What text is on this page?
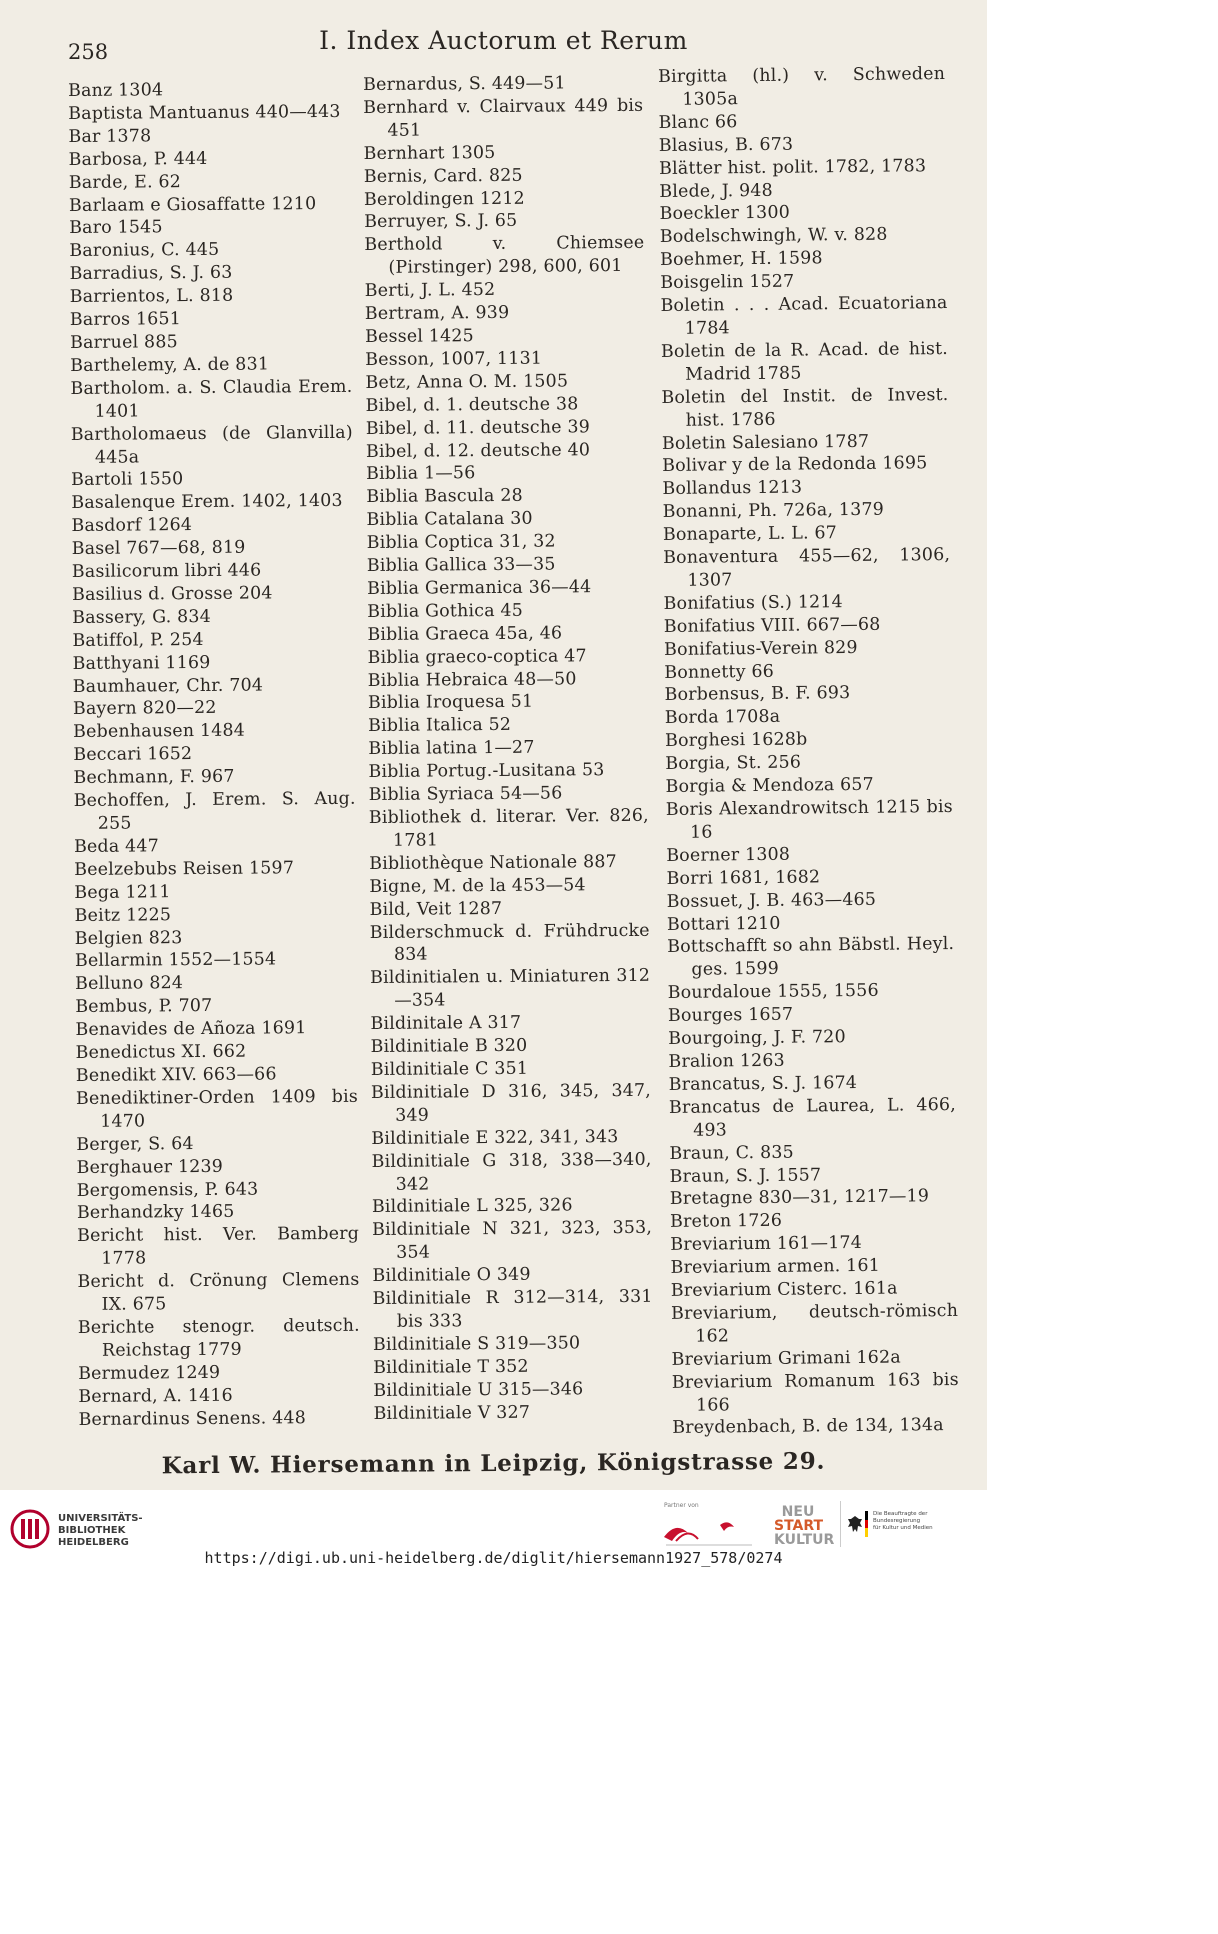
258	I. Index Auctorum et Rerum
Banz 1304
Baptista Mantuanus 440—443
Bar 1378
Barbosa, P. 444
Barde, E. 62
Barlaam e Giosaffatte 1210
Baro 1545
Baronius, C. 445
Barradius, S. J. 63
Barrientos, L. 818
Barros 1651
Barruel 885
Barthelemy, A. de 831
Bartholom. a. S. Claudia Erem. 1401
Bartholomaeus (de Glanvilla) 445a
Bartoli 1550
Basalenque Erem. 1402, 1403
Basdorf 1264
Basel 767—68, 819
Basilicorum libri 446
Basilius d. Grosse 204
Bassery, G. 834
Batiffol, P. 254
Batthyani 1169
Baumhauer, Chr. 704
Bayern 820—22
Bebenhausen 1484
Beccari 1652
Bechmann, F. 967
Bechoffen, J. Erem. S. Aug. 255
Beda 447
Beelzebubs Reisen 1597
Bega 1211
Beitz 1225
Belgien 823
Bellarmin 1552—1554
Belluno 824
Bembus, P. 707
Benavides de Añoza 1691
Benedictus XI. 662
Benedikt XIV. 663—66
Benediktiner-Orden 1409 bis 1470
Berger, S. 64
Berghauer 1239
Bergomensis, P. 643
Berhandzky 1465
Bericht hist. Ver. Bamberg 1778
Bericht d. Crönung Clemens IX. 675
Berichte stenogr. deutsch. Reichstag 1779
Bermudez 1249
Bernard, A. 1416
Bernardinus Senens. 448
Bernardus, S. 449—51
Bernhard v. Clairvaux 449 bis 451
Bernhart 1305
Bernis, Card. 825
Beroldingen 1212
Berruyer, S. J. 65
Berthold v. Chiemsee (Pirstinger) 298, 600, 601
Berti, J. L. 452
Bertram, A. 939
Bessel 1425
Besson, 1007, 1131
Betz, Anna O. M. 1505
Bibel, d. 1. deutsche 38
Bibel, d. 11. deutsche 39
Bibel, d. 12. deutsche 40
Biblia 1—56
Biblia Bascula 28
Biblia Catalana 30
Biblia Coptica 31, 32
Biblia Gallica 33—35
Biblia Germanica 36—44
Biblia Gothica 45
Biblia Graeca 45a, 46
Biblia graeco-coptica 47
Biblia Hebraica 48—50
Biblia Iroquesa 51
Biblia Italica 52
Biblia latina 1—27
Biblia Portug.-Lusitana 53
Biblia Syriaca 54—56
Bibliothek d. literar. Ver. 826, 1781
Bibliothèque Nationale 887
Bigne, M. de la 453—54
Bild, Veit 1287
Bilderschmuck d. Frühdrucke 834
Bildinitialen u. Miniaturen 312—354
Bildinitale A 317
Bildinitiale B 320
Bildinitiale C 351
Bildinitiale D 316, 345, 347, 349
Bildinitiale E 322, 341, 343
Bildinitiale G 318, 338—340, 342
Bildinitiale L 325, 326
Bildinitiale N 321, 323, 353, 354
Bildinitiale O 349
Bildinitiale R 312—314, 331 bis 333
Bildinitiale S 319—350
Bildinitiale T 352
Bildinitiale U 315—346
Bildinitiale V 327
Birgitta (hl.) v. Schweden 1305a
Blanc 66
Blasius, B. 673
Blätter hist. polit. 1782, 1783
Blede, J. 948
Boeckler 1300
Bodelschwingh, W. v. 828
Boehmer, H. 1598
Boisgelin 1527
Boletin . . . Acad. Ecuatoriana 1784
Boletin de la R. Acad. de hist. Madrid 1785
Boletin del Instit. de Invest. hist. 1786
Boletin Salesiano 1787
Bolivar y de la Redonda 1695
Bollandus 1213
Bonanni, Ph. 726a, 1379
Bonaparte, L. L. 67
Bonaventura 455—62, 1306, 1307
Bonifatius (S.) 1214
Bonifatius VIII. 667—68
Bonifatius-Verein 829
Bonnetty 66
Borbensus, B. F. 693
Borda 1708a
Borghesi 1628b
Borgia, St. 256
Borgia & Mendoza 657
Boris Alexandrowitsch 1215 bis 16
Boerner 1308
Borri 1681, 1682
Bossuet, J. B. 463—465
Bottari 1210
Bottschafft so ahn Bäbstl. Heyl. ges. 1599
Bourdaloue 1555, 1556
Bourges 1657
Bourgoing, J. F. 720
Bralion 1263
Brancatus, S. J. 1674
Brancatus de Laurea, L. 466, 493
Braun, C. 835
Braun, S. J. 1557
Bretagne 830—31, 1217—19
Breton 1726
Breviarium 161—174
Breviarium armen. 161
Breviarium Cisterc. 161a
Breviarium, deutsch-römisch 162
Breviarium Grimani 162a
Breviarium Romanum 163 bis 166
Breydenbach, B. de 134, 134a
Karl W. Hiersemann in Leipzig, Königstrasse 29.
UNIVERSITÄTS-
BIBLIOTHEK
HEIDELBERG
Partner von	NEU
START
KULTUR
Die Beauftragte der Bundesregierung
für Kultur und Medien
https://digi.ub.uni-heidelberg.de/diglit/hiersemann1927_578/0274
